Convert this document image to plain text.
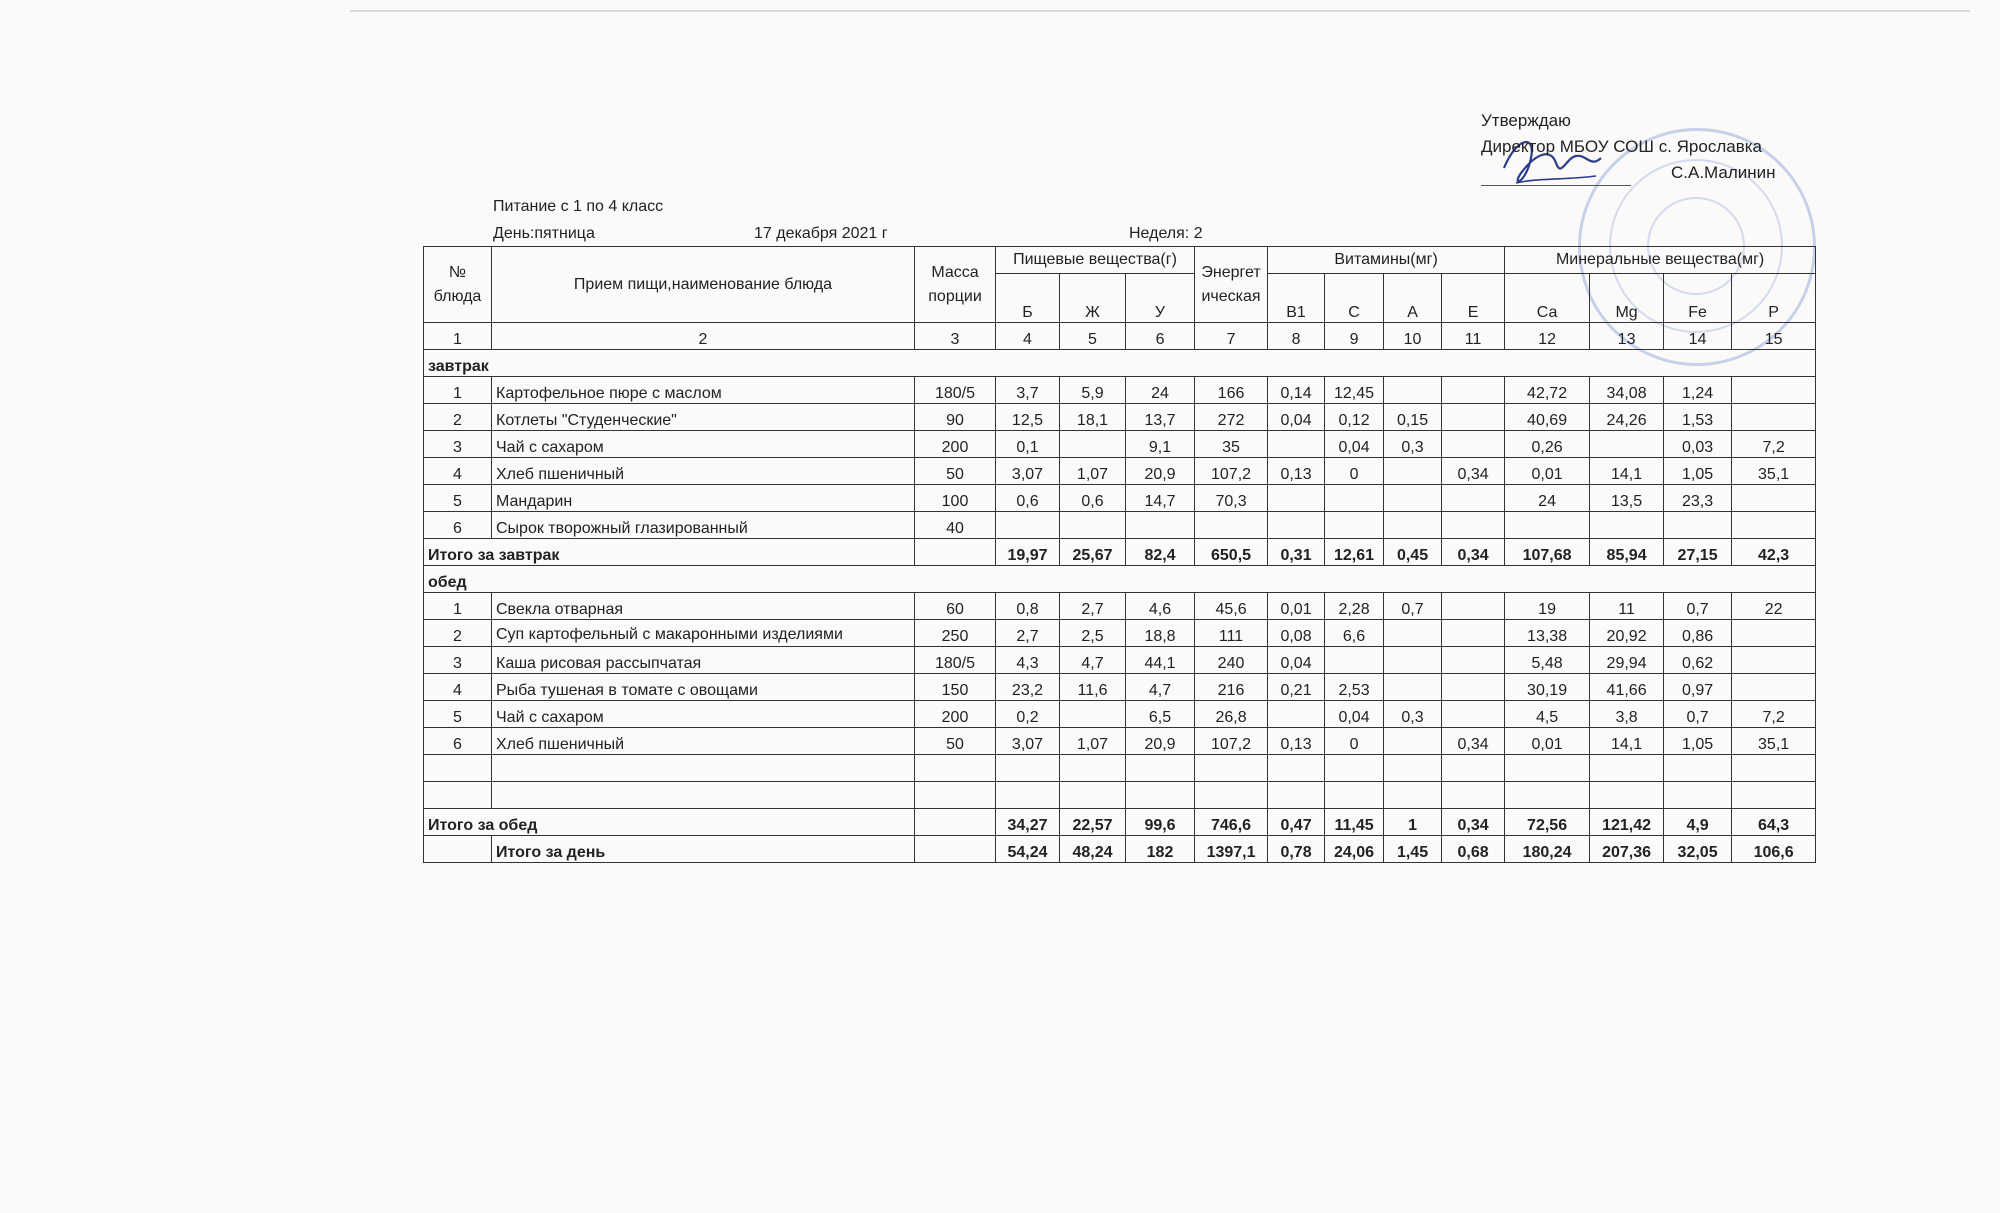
Утверждаю
Директор МБОУ СОШ с. Ярославка
С.А.Малинин
Питание с 1 по 4 класс
День:пятница	17 декабря 2021 г	Неделя: 2
№ блюда	Прием пищи,наименование блюда	Масса порции	Пищевые вещества(г)			Энергетическая	Витамины(мг)				Минеральные вещества(мг)			
			Б	Ж	У		В1	С	А	Е	Са	Mg	Fe	Р
1	2	3	4	5	6	7	8	9	10	11	12	13	14	15
завтрак														
1	Картофельное пюре с маслом	180/5	3,7	5,9	24	166	0,14	12,45			42,72	34,08	1,24	
2	Котлеты "Студенческие"	90	12,5	18,1	13,7	272	0,04	0,12	0,15		40,69	24,26	1,53	
3	Чай с сахаром	200	0,1		9,1	35		0,04	0,3		0,26		0,03	7,2
4	Хлеб пшеничный	50	3,07	1,07	20,9	107,2	0,13	0		0,34	0,01	14,1	1,05	35,1
5	Мандарин	100	0,6	0,6	14,7	70,3					24	13,5	23,3	
6	Сырок творожный глазированный	40												
Итого за завтрак			19,97	25,67	82,4	650,5	0,31	12,61	0,45	0,34	107,68	85,94	27,15	42,3
обед														
1	Свекла отварная	60	0,8	2,7	4,6	45,6	0,01	2,28	0,7		19	11	0,7	22
2	Суп картофельный с макаронными изделиями	250	2,7	2,5	18,8	111	0,08	6,6			13,38	20,92	0,86	
3	Каша рисовая рассыпчатая	180/5	4,3	4,7	44,1	240	0,04				5,48	29,94	0,62	
4	Рыба тушеная в томате с овощами	150	23,2	11,6	4,7	216	0,21	2,53			30,19	41,66	0,97	
5	Чай с сахаром	200	0,2		6,5	26,8		0,04	0,3		4,5	3,8	0,7	7,2
6	Хлеб пшеничный	50	3,07	1,07	20,9	107,2	0,13	0		0,34	0,01	14,1	1,05	35,1

Итого за обед			34,27	22,57	99,6	746,6	0,47	11,45	1	0,34	72,56	121,42	4,9	64,3
	Итого за день		54,24	48,24	182	1397,1	0,78	24,06	1,45	0,68	180,24	207,36	32,05	106,6
